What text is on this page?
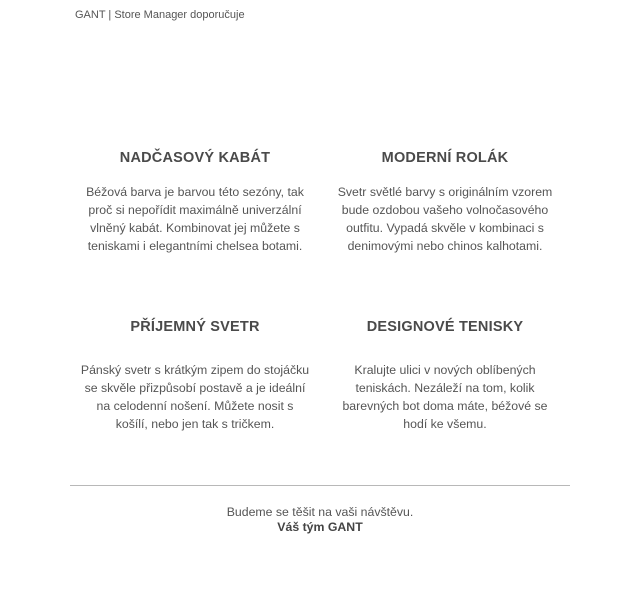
GANT | Store Manager doporučuje
NADČASOVÝ KABÁT
Béžová barva je barvou této sezóny, tak proč si nepořídit maximálně univerzální vlněný kabát. Kombinovat jej můžete s teniskami i elegantními chelsea botami.
MODERNÍ ROLÁK
Svetr světlé barvy s originálním vzorem bude ozdobou vašeho volnočasového outfitu. Vypadá skvěle v kombinaci s denimovými nebo chinos kalhotami.
PŘÍJEMNÝ SVETR
Pánský svetr s krátkým zipem do stojáčku se skvěle přizpůsobí postavě a je ideální na celodenní nošení. Můžete nosit s košílí, nebo jen tak s tričkem.
DESIGNOVÉ TENISKY
Kralujte ulici v nových oblíbených teniskách. Nezáleží na tom, kolik barevných bot doma máte, béžové se hodí ke všemu.
Budeme se těšit na vaši návštěvu.
Váš tým GANT
